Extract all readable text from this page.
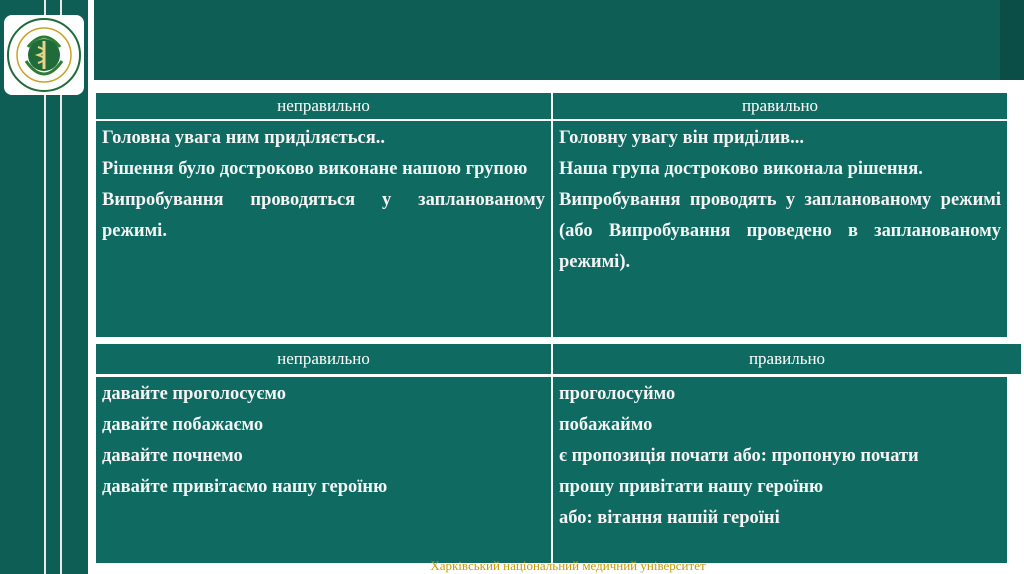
неправильно	правильно

Головна увага ним приділяється..

Рішення було достроково виконане нашою групою

Випробування проводяться у запланованому режимі.

Головну увагу він приділив...

Наша група достроково виконала рішення.

Випробування проводять у запланованому режимі (або Випробування проведено в запланованому режимі).

неправильно	правильно

давайте проголосуємо

давайте побажаємо

давайте почнемо

давайте привітаємо нашу героїню

проголосуймо

побажаймо

є пропозиція почати або: пропоную почати

прошу привітати нашу героїню

або: вітання нашій героїні

Харківський національний медичний університет
